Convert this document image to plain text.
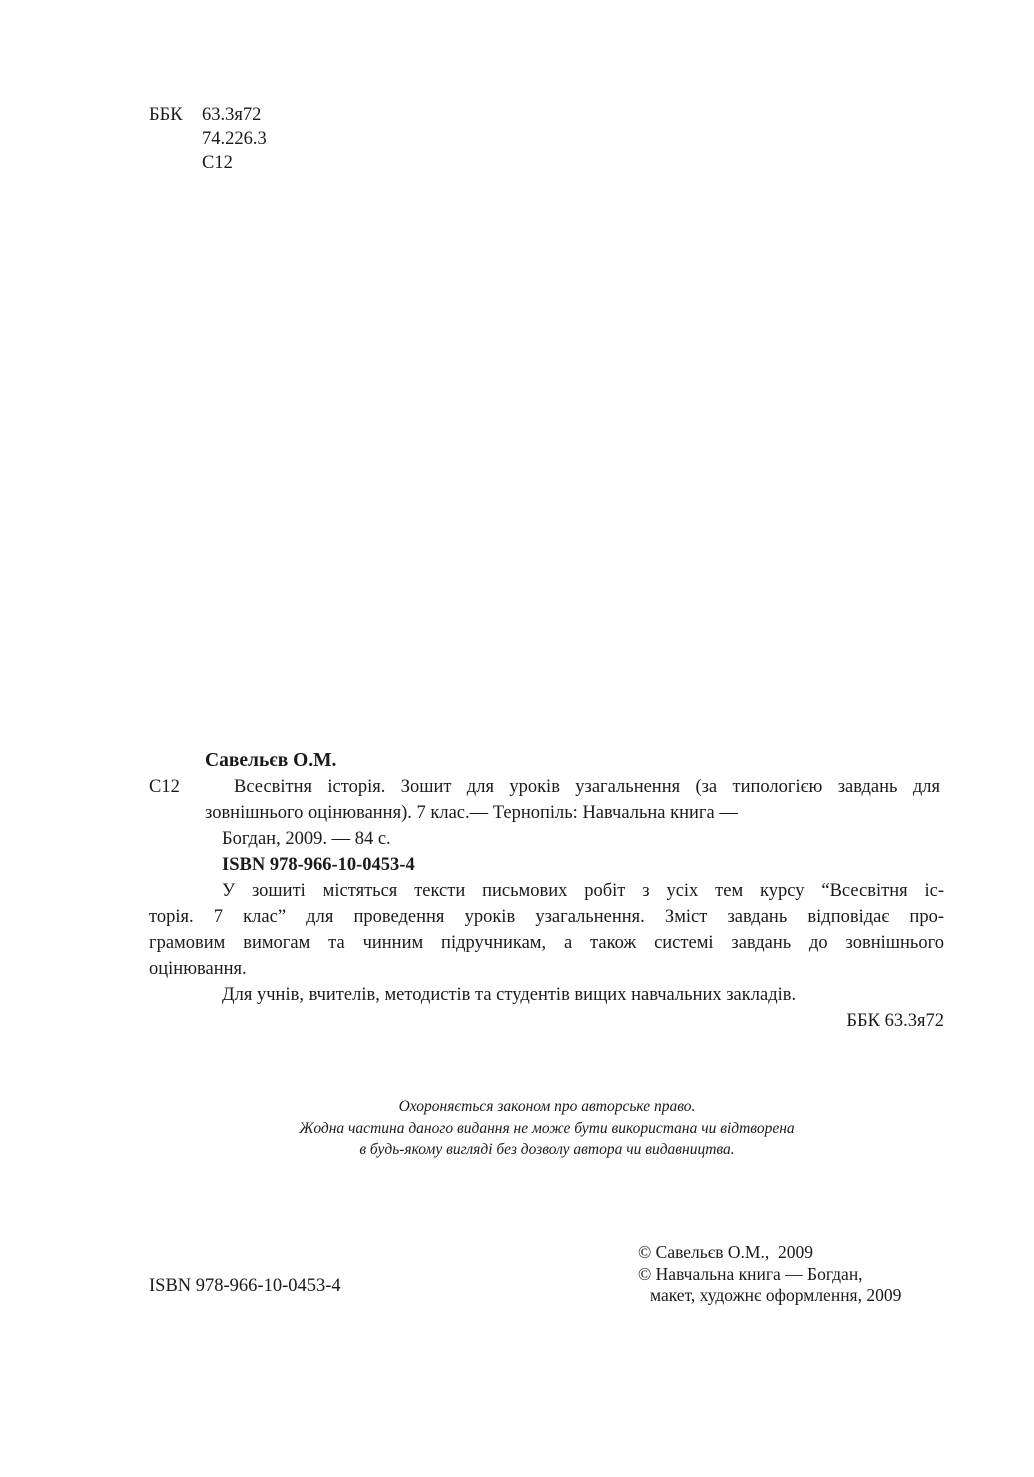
ББК 63.3я72
74.226.3
С12
Савельєв О.М.
С12	Всесвітня історія. Зошит для уроків узагальнення (за типологією завдань для
зовнішнього оцінювання). 7 клас.— Тернопіль: Навчальна книга —
Богдан, 2009. — 84 с.
ISBN 978-966-10-0453-4
У зошиті містяться тексти письмових робіт з усіх тем курсу “Всесвітня іс-
торія. 7 клас” для проведення уроків узагальнення. Зміст завдань відповідає про-
грамовим вимогам та чинним підручникам, а також системі завдань до зовнішнього
оцінювання.
Для учнів, вчителів, методистів та студентів вищих навчальних закладів.
ББК 63.3я72
Охороняється законом про авторське право.
Жодна частина даного видання не може бути використана чи відтворена
в будь-якому вигляді без дозволу автора чи видавництва.
ISBN 978-966-10-0453-4
© Савельєв О.М.,  2009
© Навчальна книга — Богдан,
макет, художнє оформлення, 2009
